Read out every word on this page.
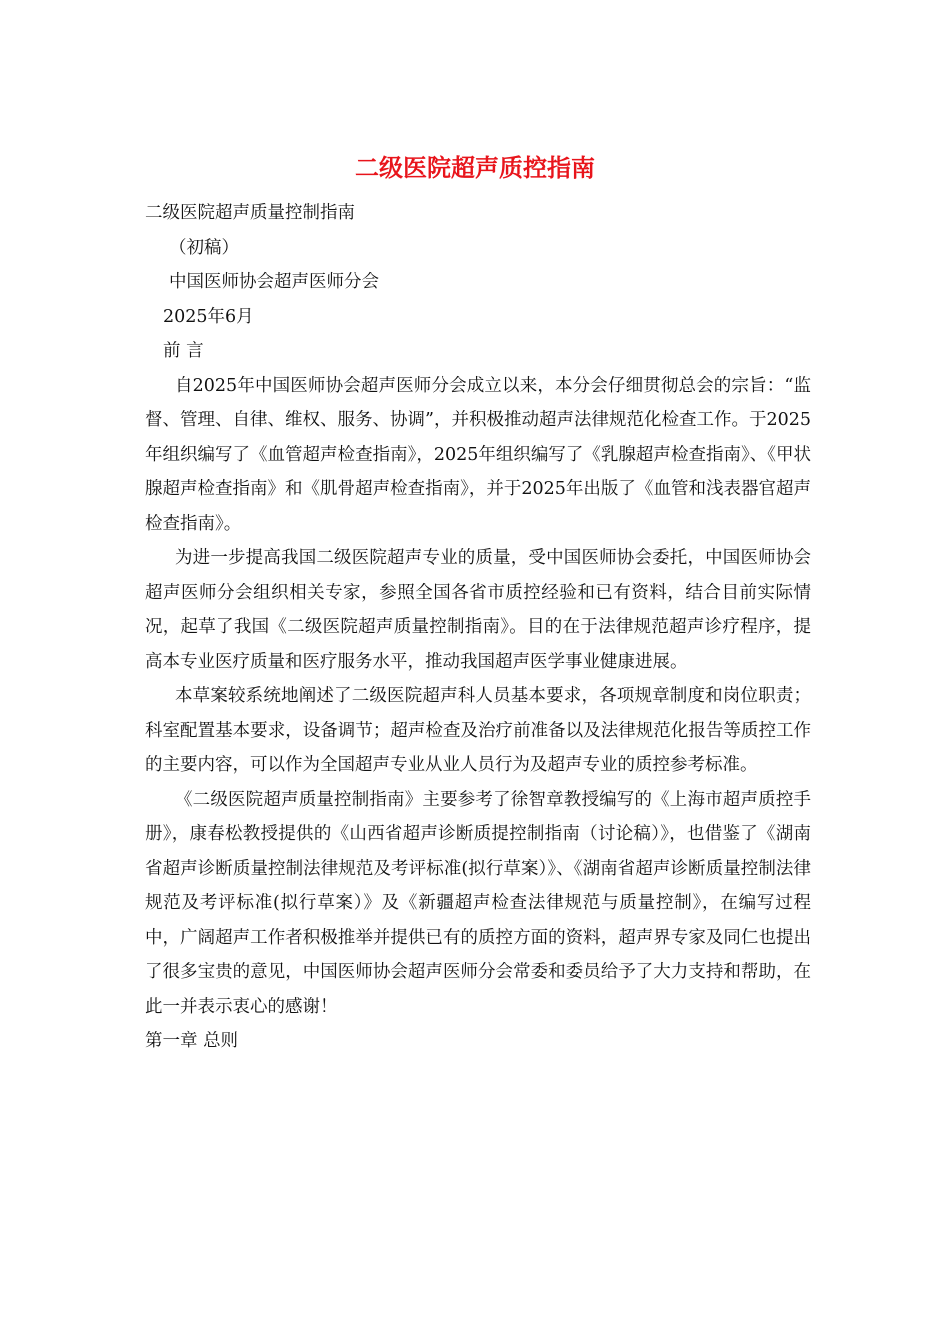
二级医院超声质控指南

二级医院超声质量控制指南

（初稿）

中国医师协会超声医师分会

2025年6月

前 言

自2025年中国医师协会超声医师分会成立以来，本分会仔细贯彻总会的宗旨：“监督、管理、自律、维权、服务、协调”，并积极推动超声法律规范化检查工作。于2025年组织编写了《血管超声检查指南》，2025年组织编写了《乳腺超声检查指南》、《甲状腺超声检查指南》和《肌骨超声检查指南》，并于2025年出版了《血管和浅表器官超声检查指南》。

为进一步提高我国二级医院超声专业的质量，受中国医师协会委托，中国医师协会超声医师分会组织相关专家，参照全国各省市质控经验和已有资料，结合目前实际情况，起草了我国《二级医院超声质量控制指南》。目的在于法律规范超声诊疗程序，提高本专业医疗质量和医疗服务水平，推动我国超声医学事业健康进展。

本草案较系统地阐述了二级医院超声科人员基本要求，各项规章制度和岗位职责；科室配置基本要求，设备调节；超声检查及治疗前准备以及法律规范化报告等质控工作的主要内容，可以作为全国超声专业从业人员行为及超声专业的质控参考标准。

《二级医院超声质量控制指南》主要参考了徐智章教授编写的《上海市超声质控手册》，康春松教授提供的《山西省超声诊断质提控制指南（讨论稿）》，也借鉴了《湖南省超声诊断质量控制法律规范及考评标准(拟行草案）》、《湖南省超声诊断质量控制法律规范及考评标准(拟行草案）》及《新疆超声检查法律规范与质量控制》，在编写过程中，广阔超声工作者积极推举并提供已有的质控方面的资料，超声界专家及同仁也提出了很多宝贵的意见，中国医师协会超声医师分会常委和委员给予了大力支持和帮助，在此一并表示衷心的感谢！

第一章 总则
